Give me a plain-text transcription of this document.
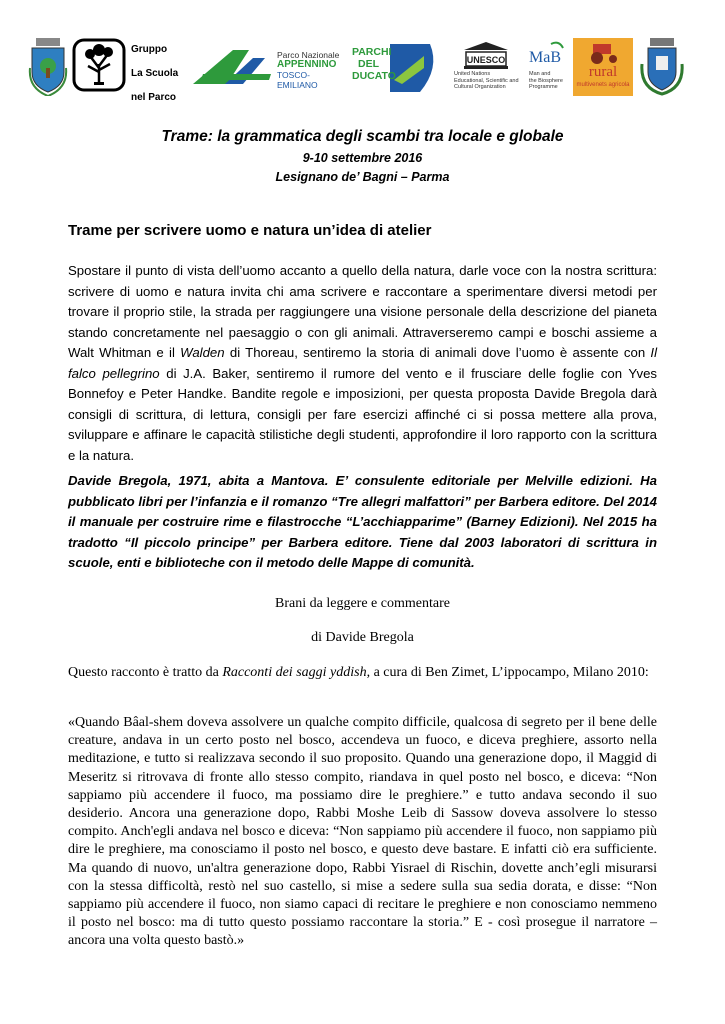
Gruppo
La Scuola
nel Parco
Parco Nazionale
APPENNINO
TOSCO-EMILIANO
PARCHI
DEL
DUCATO
UNESCO
United Nations
Educational, Scientific and
Cultural Organization
MaB
Man and
the Biosphere
Programme
rural
multivenets agricola
Trame: la grammatica degli scambi tra locale e globale
9-10 settembre 2016
Lesignano de’ Bagni – Parma
Trame per scrivere uomo e natura un’idea di atelier
Spostare il punto di vista dell’uomo accanto a quello della natura, darle voce con la nostra scrittura: scrivere di uomo e natura invita chi ama scrivere e raccontare a sperimentare diversi metodi per trovare il proprio stile, la strada per raggiungere una visione personale della descrizione del pianeta stando concretamente nel paesaggio o con gli animali. Attraverseremo campi e boschi assieme a Walt Whitman e il Walden di Thoreau, sentiremo la storia di animali dove l’uomo è assente con Il falco pellegrino di J.A. Baker, sentiremo il rumore del vento e il frusciare delle foglie con Yves Bonnefoy e Peter Handke. Bandite regole e imposizioni, per questa proposta Davide Bregola darà consigli di scrittura, di lettura, consigli per fare esercizi affinché ci si possa mettere alla prova, sviluppare e affinare le capacità stilistiche degli studenti, approfondire il loro rapporto con la scrittura e la natura.
Davide Bregola, 1971, abita a Mantova. E’ consulente editoriale per Melville edizioni. Ha pubblicato libri per l’infanzia e il romanzo “Tre allegri malfattori” per Barbera editore. Del 2014 il manuale per costruire rime e filastrocche “L’acchiapparime” (Barney Edizioni). Nel 2015 ha tradotto “Il piccolo principe” per Barbera editore. Tiene dal 2003 laboratori di scrittura in scuole, enti e biblioteche con il metodo delle Mappe di comunità.
Brani da leggere e commentare
di Davide Bregola
Questo racconto è tratto da Racconti dei saggi yddish, a cura di Ben Zimet, L’ippocampo, Milano 2010:
«Quando Bâal-shem doveva assolvere un qualche compito difficile, qualcosa di segreto per il bene delle creature, andava in un certo posto nel bosco, accendeva un fuoco, e diceva preghiere, assorto nella meditazione, e tutto si realizzava secondo il suo proposito. Quando una generazione dopo, il Maggid di Meseritz si ritrovava di fronte allo stesso compito, riandava in quel posto nel bosco, e diceva: “Non sappiamo più accendere il fuoco, ma possiamo dire le preghiere.” e tutto andava secondo il suo desiderio. Ancora una generazione dopo, Rabbi Moshe Leib di Sassow doveva assolvere lo stesso compito. Anch'egli andava nel bosco e diceva: “Non sappiamo più accendere il fuoco, non sappiamo più dire le preghiere, ma conosciamo il posto nel bosco, e questo deve bastare. E infatti ciò era sufficiente. Ma quando di nuovo, un'altra generazione dopo, Rabbi Yisrael di Rischin, dovette anch’egli misurarsi con la stessa difficoltà, restò nel suo castello, si mise a sedere sulla sua sedia dorata, e disse: “Non sappiamo più accendere il fuoco, non siamo capaci di recitare le preghiere e non conosciamo nemmeno il posto nel bosco: ma di tutto questo possiamo raccontare la storia.” E - così prosegue il narratore – ancora una volta questo bastò.»
